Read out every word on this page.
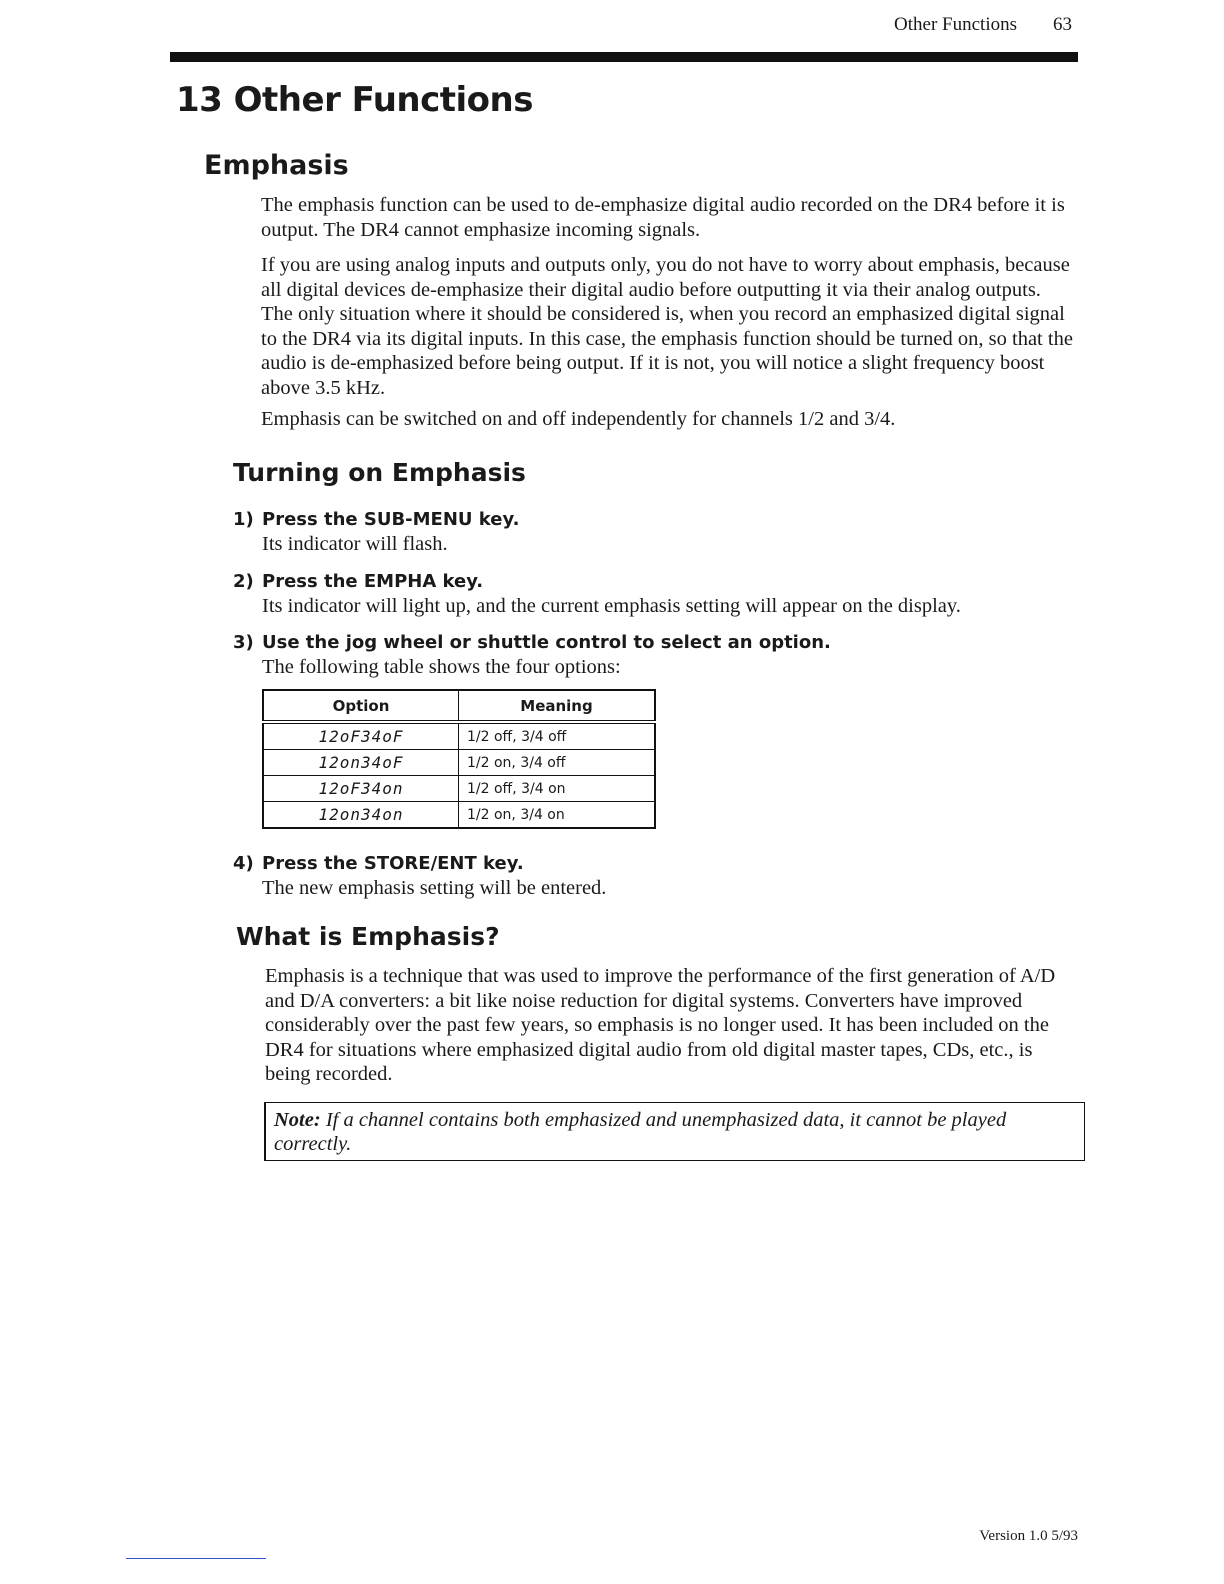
Other Functions 63
13 Other Functions
Emphasis

The emphasis function can be used to de-emphasize digital audio recorded on the DR4 before it is output. The DR4 cannot emphasize incoming signals.

If you are using analog inputs and outputs only, you do not have to worry about emphasis, because all digital devices de-emphasize their digital audio before outputting it via their analog outputs. The only situation where it should be considered is, when you record an emphasized digital signal to the DR4 via its digital inputs. In this case, the emphasis function should be turned on, so that the audio is de-emphasized before being output. If it is not, you will notice a slight frequency boost above 3.5 kHz.

Emphasis can be switched on and off independently for channels 1/2 and 3/4.

Turning on Emphasis
1) Press the SUB-MENU key.
Its indicator will flash.
2) Press the EMPHA key.
Its indicator will light up, and the current emphasis setting will appear on the display.
3) Use the jog wheel or shuttle control to select an option.
The following table shows the four options:
Option	Meaning
12oF34oF	1/2 off, 3/4 off
12on34oF	1/2 on, 3/4 off
12oF34on	1/2 off, 3/4 on
12on34on	1/2 on, 3/4 on
4) Press the STORE/ENT key.
The new emphasis setting will be entered.
What is Emphasis?

Emphasis is a technique that was used to improve the performance of the first generation of A/D and D/A converters: a bit like noise reduction for digital systems. Converters have improved considerably over the past few years, so emphasis is no longer used. It has been included on the DR4 for situations where emphasized digital audio from old digital master tapes, CDs, etc., is being recorded.

Note: If a channel contains both emphasized and unemphasized data, it cannot be played correctly.
Version 1.0 5/93
